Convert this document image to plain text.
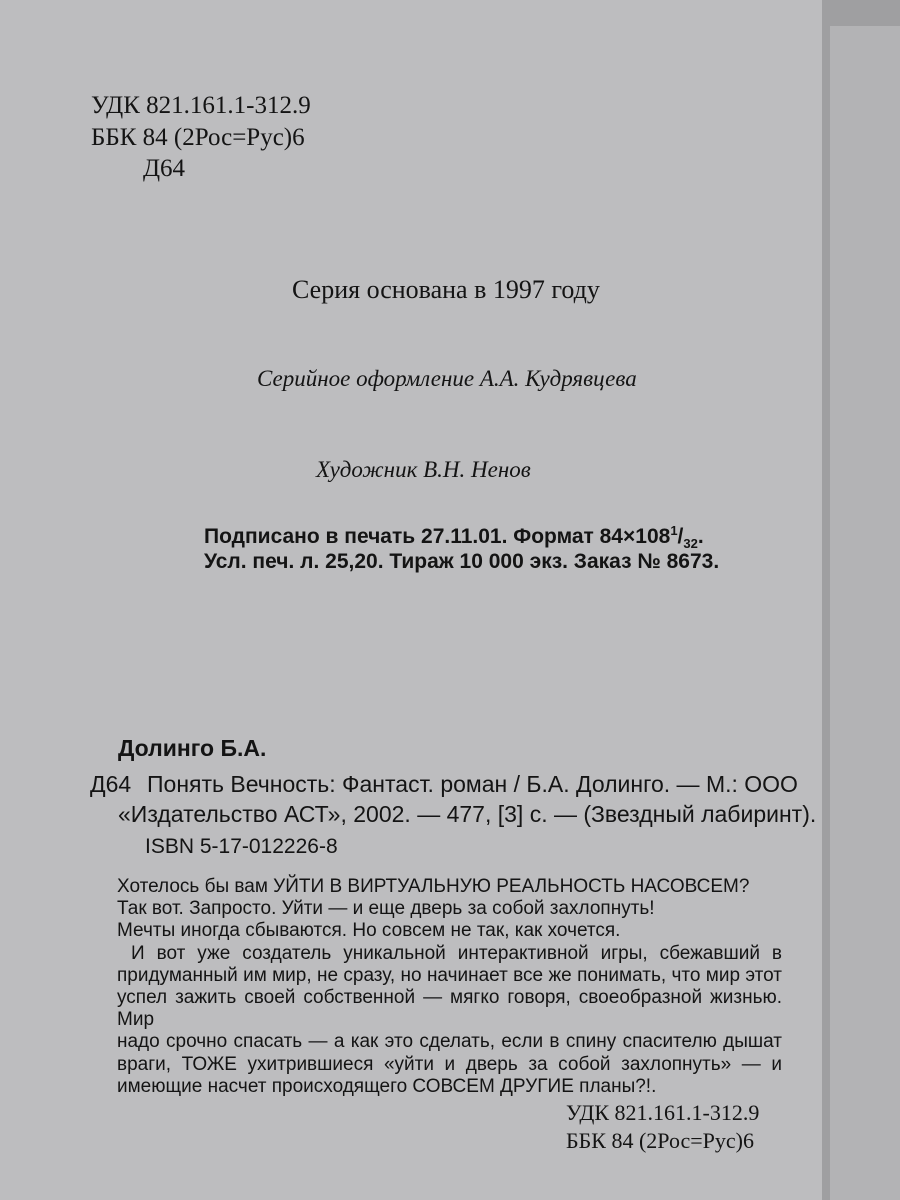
УДК 821.161.1-312.9

ББК 84 (2Рос=Рус)6

Д64

Серия основана в 1997 году

Серийное оформление А.А. Кудрявцева

Художник В.Н. Ненов

Подписано в печать 27.11.01. Формат $84\times 108^1/_{32}$.

Усл. печ. л. 25,20. Тираж 10 000 экз. Заказ № 8673.

Долинго Б.А.

Д64 Понять Вечность: Фантаст. роман / Б.А. Долинго. — М.: ООО

«Издательство АСТ», 2002. — 477, [3] с. — (Звездный лабиринт).

ISBN 5-17-012226-8

Хотелось бы вам УЙТИ В ВИРТУАЛЬНУЮ РЕАЛЬНОСТЬ НАСОВСЕМ?

Так вот. Запросто. Уйти — и еще дверь за собой захлопнуть!

Мечты иногда сбываются. Но совсем не так, как хочется.

И вот уже создатель уникальной интерактивной игры, сбежавший в

придуманный им мир, не сразу, но начинает все же понимать, что мир этот

успел зажить своей собственной — мягко говоря, своеобразной жизнью. Мир

надо срочно спасать — а как это сделать, если в спину спасителю дышат

враги, ТОЖЕ ухитрившиеся «уйти и дверь за собой захлопнуть» — и

имеющие насчет происходящего СОВСЕМ ДРУГИЕ планы?!.

УДК 821.161.1-312.9

ББК 84 (2Рос=Рус)6
